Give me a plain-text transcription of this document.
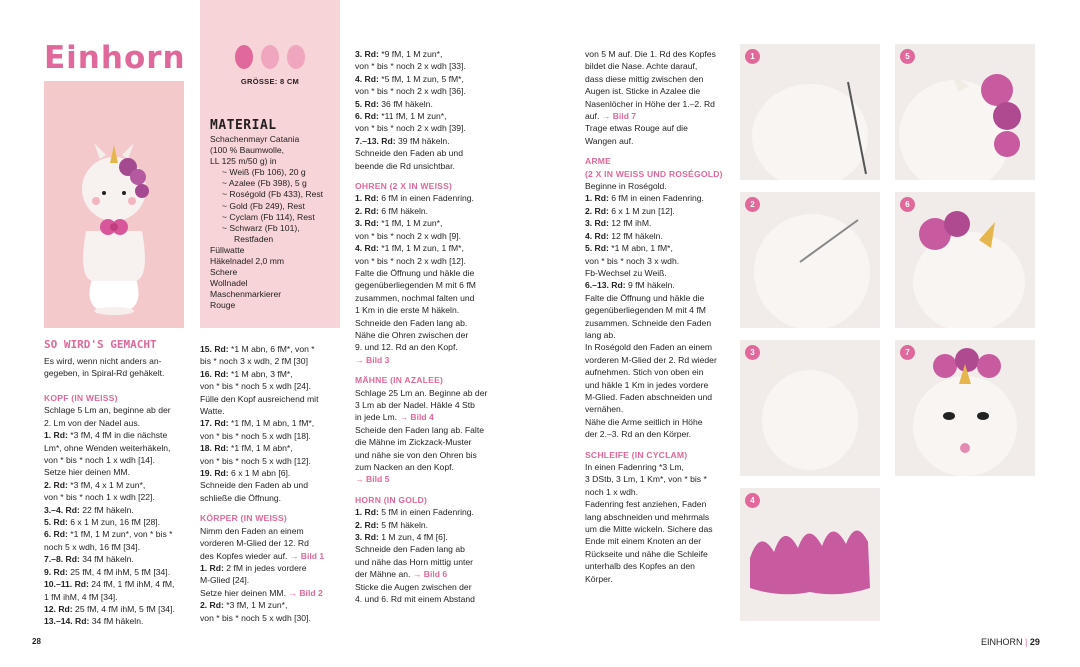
Einhorn
GRÖSSE: 8 CM
MATERIAL
Schachenmayr Catania
(100 % Baumwolle,
LL 125 m/50 g) in
~ Weiß (Fb 106), 20 g
~ Azalee (Fb 398), 5 g
~ Roségold (Fb 433), Rest
~ Gold (Fb 249), Rest
~ Cyclam (Fb 114), Rest
~ Schwarz (Fb 101),
Restfaden
Füllwatte
Häkelnadel 2,0 mm
Schere
Wollnadel
Maschenmarkierer
Rouge
SO WIRD'S GEMACHT

Es wird, wenn nicht anders an-

gegeben, in Spiral-Rd gehäkelt.

KOPF (IN WEISS)

Schlage 5 Lm an, beginne ab der

2. Lm von der Nadel aus.

1. Rd: *3 fM, 4 fM in die nächste

Lm*, ohne Wenden weiterhäkeln,

von * bis * noch 1 x wdh [14].

Setze hier deinen MM.

2. Rd: *3 fM, 4 x 1 M zun*,

von * bis * noch 1 x wdh [22].

3.–4. Rd: 22 fM häkeln.

5. Rd: 6 x 1 M zun, 16 fM [28].

6. Rd: *1 fM, 1 M zun*, von * bis *

noch 5 x wdh, 16 fM [34].

7.–8. Rd: 34 fM häkeln.

9. Rd: 25 fM, 4 fM ihM, 5 fM [34].

10.–11. Rd: 24 fM, 1 fM ihM, 4 fM,

1 fM ihM, 4 fM [34].

12. Rd: 25 fM, 4 fM ihM, 5 fM [34].

13.–14. Rd: 34 fM häkeln.

15. Rd: *1 M abn, 6 fM*, von *

bis * noch 3 x wdh, 2 fM [30]

16. Rd: *1 M abn, 3 fM*,

von * bis * noch 5 x wdh [24].

Fülle den Kopf ausreichend mit

Watte.

17. Rd: *1 fM, 1 M abn, 1 fM*,

von * bis * noch 5 x wdh [18].

18. Rd: *1 fM, 1 M abn*,

von * bis * noch 5 x wdh [12].

19. Rd: 6 x 1 M abn [6].

Schneide den Faden ab und

schließe die Öffnung.

KÖRPER (IN WEISS)

Nimm den Faden an einem

vorderen M-Glied der 12. Rd

des Kopfes wieder auf. → Bild 1

1. Rd: 2 fM in jedes vordere

M-Glied [24].

Setze hier deinen MM. → Bild 2

2. Rd: *3 fM, 1 M zun*,

von * bis * noch 5 x wdh [30].

3. Rd: *9 fM, 1 M zun*,

von * bis * noch 2 x wdh [33].

4. Rd: *5 fM, 1 M zun, 5 fM*,

von * bis * noch 2 x wdh [36].

5. Rd: 36 fM häkeln.

6. Rd: *11 fM, 1 M zun*,

von * bis * noch 2 x wdh [39].

7.–13. Rd: 39 fM häkeln.

Schneide den Faden ab und

beende die Rd unsichtbar.

OHREN (2 X IN WEISS)

1. Rd: 6 fM in einen Fadenring.

2. Rd: 6 fM häkeln.

3. Rd: *1 fM, 1 M zun*,

von * bis * noch 2 x wdh [9].

4. Rd: *1 fM, 1 M zun, 1 fM*,

von * bis * noch 2 x wdh [12].

Falte die Öffnung und häkle die

gegenüberliegenden M mit 6 fM

zusammen, nochmal falten und

1 Km in die erste M häkeln.

Schneide den Faden lang ab.

Nähe die Ohren zwischen der

9. und 12. Rd an den Kopf.

→ Bild 3

MÄHNE (IN AZALEE)

Schlage 25 Lm an. Beginne ab der

3 Lm ab der Nadel. Häkle 4 Stb

in jede Lm. → Bild 4

Scheide den Faden lang ab. Falte

die Mähne im Zickzack-Muster

und nähe sie von den Ohren bis

zum Nacken an den Kopf.

→ Bild 5

HORN (IN GOLD)

1. Rd: 5 fM in einen Fadenring.

2. Rd: 5 fM häkeln.

3. Rd: 1 M zun, 4 fM [6].

Schneide den Faden lang ab

und nähe das Horn mittig unter

der Mähne an. → Bild 6

Sticke die Augen zwischen der

4. und 6. Rd mit einem Abstand

von 5 M auf. Die 1. Rd des Kopfes

bildet die Nase. Achte darauf,

dass diese mittig zwischen den

Augen ist. Sticke in Azalee die

Nasenlöcher in Höhe der 1.–2. Rd

auf. → Bild 7

Trage etwas Rouge auf die

Wangen auf.

ARME

(2 X IN WEISS UND ROSÉGOLD)

Beginne in Roségold.

1. Rd: 6 fM in einen Fadenring.

2. Rd: 6 x 1 M zun [12].

3. Rd: 12 fM ihM.

4. Rd: 12 fM häkeln.

5. Rd: *1 M abn, 1 fM*,

von * bis * noch 3 x wdh.

Fb-Wechsel zu Weiß.

6.–13. Rd: 9 fM häkeln.

Falte die Öffnung und häkle die

gegenüberliegenden M mit 4 fM

zusammen. Schneide den Faden

lang ab.

In Roségold den Faden an einem

vorderen M-Glied der 2. Rd wieder

aufnehmen. Stich von oben ein

und häkle 1 Km in jedes vordere

M-Glied. Faden abschneiden und

vernähen.

Nähe die Arme seitlich in Höhe

der 2.–3. Rd an den Körper.

SCHLEIFE (IN CYCLAM)

In einen Fadenring *3 Lm,

3 DStb, 3 Lm, 1 Km*, von * bis *

noch 1 x wdh.

Fadenring fest anziehen, Faden

lang abschneiden und mehrmals

um die Mitte wickeln. Sichere das

Ende mit einem Knoten an der

Rückseite und nähe die Schleife

unterhalb des Kopfes an den

Körper.

1
2
3
4
5
6
7
28	EINHORN | 29
